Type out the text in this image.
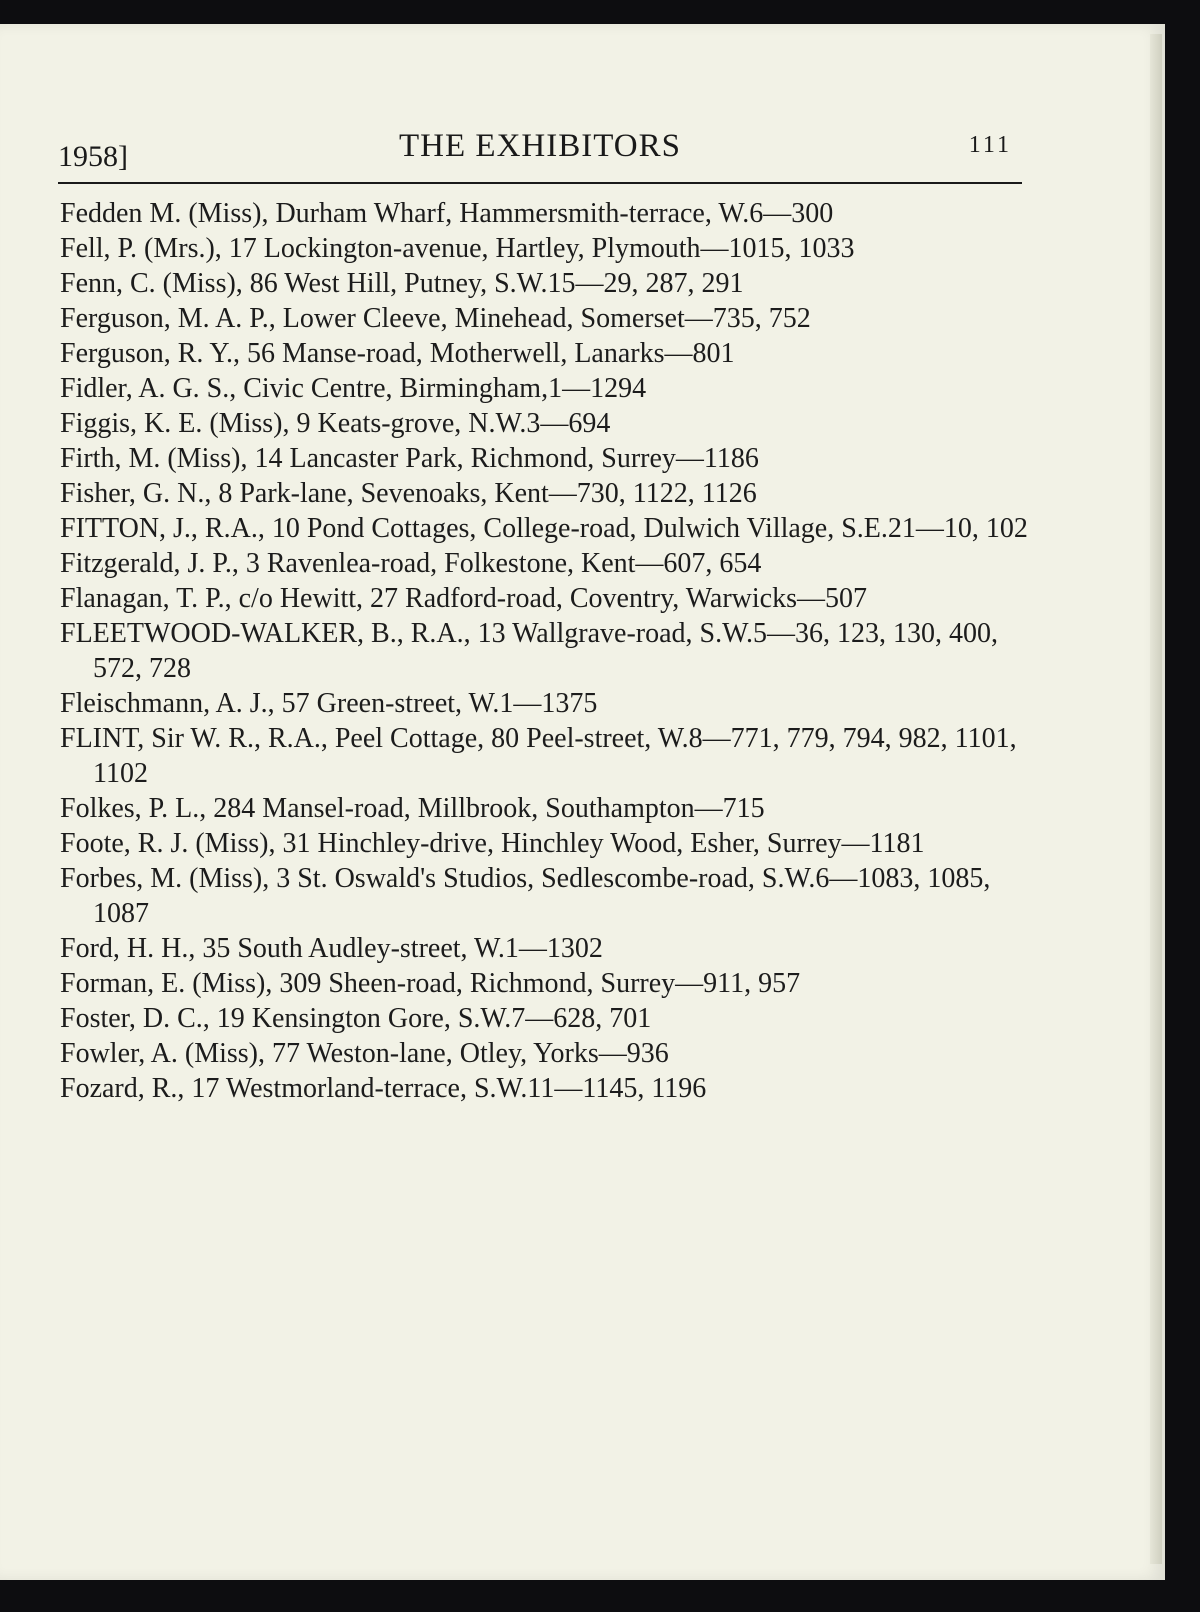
1958]	THE EXHIBITORS	111
Fedden M. (Miss), Durham Wharf, Hammersmith-terrace, W.6—300
Fell, P. (Mrs.), 17 Lockington-avenue, Hartley, Plymouth—1015, 1033
Fenn, C. (Miss), 86 West Hill, Putney, S.W.15—29, 287, 291
Ferguson, M. A. P., Lower Cleeve, Minehead, Somerset—735, 752
Ferguson, R. Y., 56 Manse-road, Motherwell, Lanarks—801
Fidler, A. G. S., Civic Centre, Birmingham,1—1294
Figgis, K. E. (Miss), 9 Keats-grove, N.W.3—694
Firth, M. (Miss), 14 Lancaster Park, Richmond, Surrey—1186
Fisher, G. N., 8 Park-lane, Sevenoaks, Kent—730, 1122, 1126
FITTON, J., R.A., 10 Pond Cottages, College-road, Dulwich Village, S.E.21—10, 102
Fitzgerald, J. P., 3 Ravenlea-road, Folkestone, Kent—607, 654
Flanagan, T. P., c/o Hewitt, 27 Radford-road, Coventry, Warwicks—507
FLEETWOOD-WALKER, B., R.A., 13 Wallgrave-road, S.W.5—36, 123, 130, 400, 572, 728
Fleischmann, A. J., 57 Green-street, W.1—1375
FLINT, Sir W. R., R.A., Peel Cottage, 80 Peel-street, W.8—771, 779, 794, 982, 1101, 1102
Folkes, P. L., 284 Mansel-road, Millbrook, Southampton—715
Foote, R. J. (Miss), 31 Hinchley-drive, Hinchley Wood, Esher, Surrey—1181
Forbes, M. (Miss), 3 St. Oswald's Studios, Sedlescombe-road, S.W.6—1083, 1085, 1087
Ford, H. H., 35 South Audley-street, W.1—1302
Forman, E. (Miss), 309 Sheen-road, Richmond, Surrey—911, 957
Foster, D. C., 19 Kensington Gore, S.W.7—628, 701
Fowler, A. (Miss), 77 Weston-lane, Otley, Yorks—936
Fozard, R., 17 Westmorland-terrace, S.W.11—1145, 1196
